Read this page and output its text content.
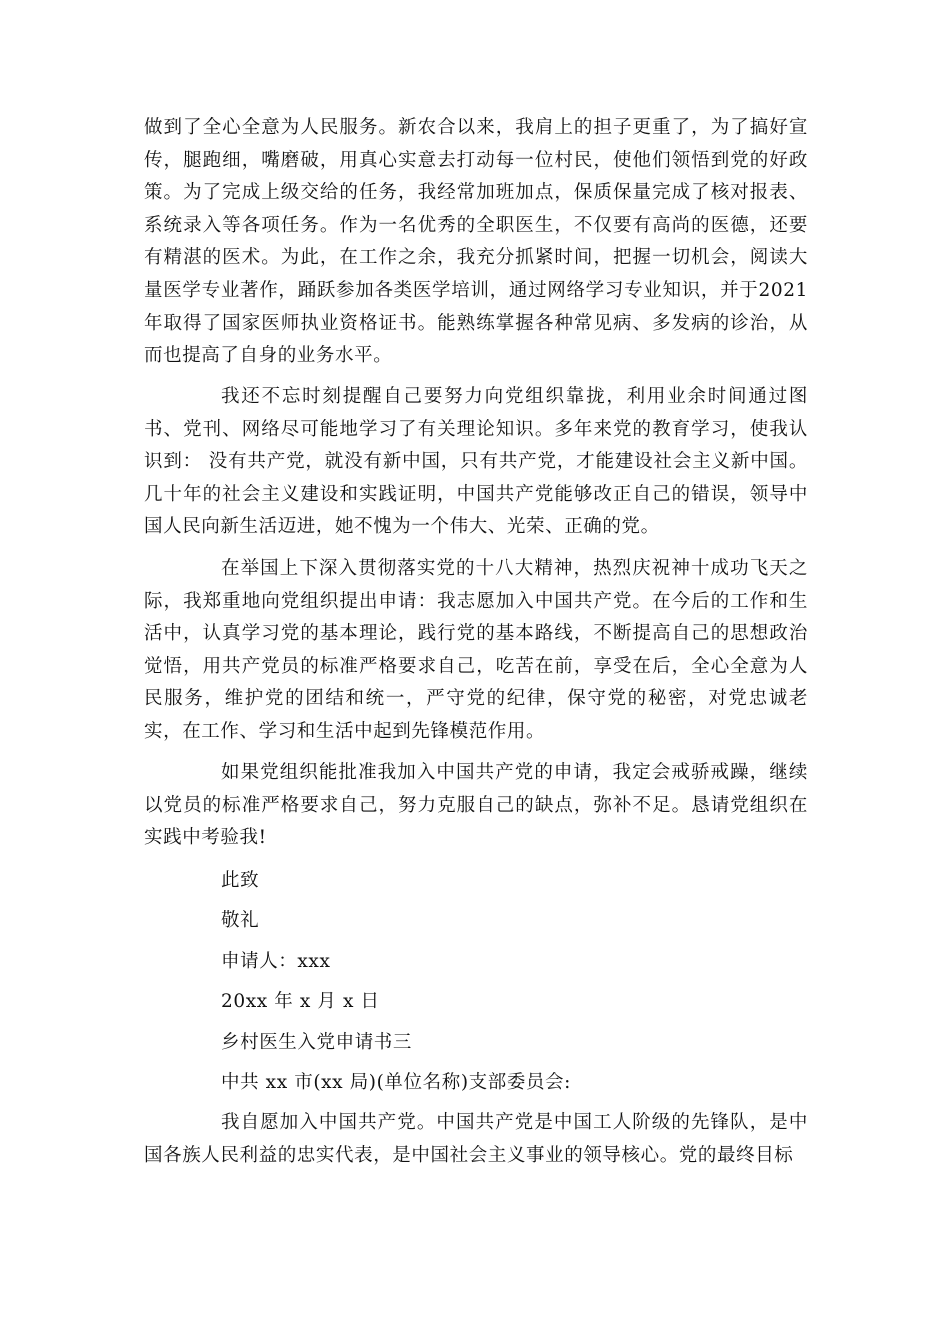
做到了全心全意为人民服务。新农合以来，我肩上的担子更重了，为了搞好宣传，腿跑细，嘴磨破，用真心实意去打动每一位村民，使他们领悟到党的好政策。为了完成上级交给的任务，我经常加班加点，保质保量完成了核对报表、系统录入等各项任务。作为一名优秀的全职医生，不仅要有高尚的医德，还要有精湛的医术。为此，在工作之余，我充分抓紧时间，把握一切机会，阅读大量医学专业著作，踊跃参加各类医学培训，通过网络学习专业知识，并于2021年取得了国家医师执业资格证书。能熟练掌握各种常见病、多发病的诊治，从而也提高了自身的业务水平。

我还不忘时刻提醒自己要努力向党组织靠拢，利用业余时间通过图书、党刊、网络尽可能地学习了有关理论知识。多年来党的教育学习，使我认识到： 没有共产党，就没有新中国，只有共产党，才能建设社会主义新中国。几十年的社会主义建设和实践证明，中国共产党能够改正自己的错误，领导中国人民向新生活迈进，她不愧为一个伟大、光荣、正确的党。

在举国上下深入贯彻落实党的十八大精神，热烈庆祝神十成功飞天之际，我郑重地向党组织提出申请：我志愿加入中国共产党。在今后的工作和生活中，认真学习党的基本理论，践行党的基本路线，不断提高自己的思想政治觉悟，用共产党员的标准严格要求自己，吃苦在前，享受在后，全心全意为人民服务，维护党的团结和统一，严守党的纪律，保守党的秘密，对党忠诚老实，在工作、学习和生活中起到先锋模范作用。

如果党组织能批准我加入中国共产党的申请，我定会戒骄戒躁，继续以党员的标准严格要求自己，努力克服自己的缺点，弥补不足。恳请党组织在实践中考验我!

此致

敬礼

申请人：xxx

20xx 年 x 月 x 日

乡村医生入党申请书三

中共 xx 市(xx 局)(单位名称)支部委员会:

我自愿加入中国共产党。中国共产党是中国工人阶级的先锋队，是中国各族人民利益的忠实代表，是中国社会主义事业的领导核心。党的最终目标
